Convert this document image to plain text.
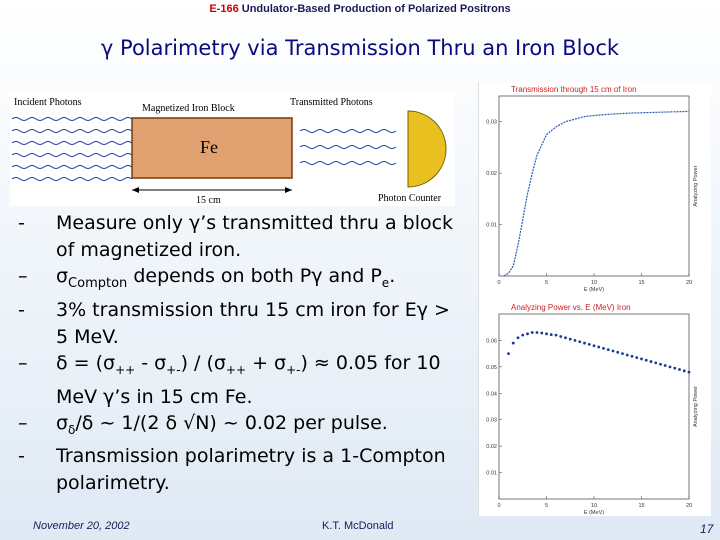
E-166 Undulator-Based Production of Polarized Positrons
γ Polarimetry via Transmission Thru an Iron Block
Incident Photons
Magnetized Iron Block
Transmitted Photons
Fe
15 cm	Photon Counter
Transmission through 15 cm of Iron
0	5	10	15	20
0.01
0.02
0.03
E (MeV)
Analyzing Power
Analyzing Power vs. E (MeV) Iron
0	5	10	15	20
0.01
0.02
0.03
0.04
0.05
0.06
E (MeV)
Analyzing Power
- Measure only γ’s transmitted thru a block of magnetized iron.
– $\sigma_{Compton}$ depends on both Pγ and $P_e$.
- 3% transmission thru 15 cm iron for Eγ > 5 MeV.
– $\delta = (\sigma_{++} - \sigma_{+-}) / (\sigma_{++} + \sigma_{+-}) \approx 0.05$ for 10 MeV γ’s in 15 cm Fe.
– $\sigma_\delta/\delta$ ~ 1/(2 δ √N) ~ 0.02 per pulse.
- Transmission polarimetry is a 1-Compton polarimetry.
November 20, 2002	K.T. McDonald	17
